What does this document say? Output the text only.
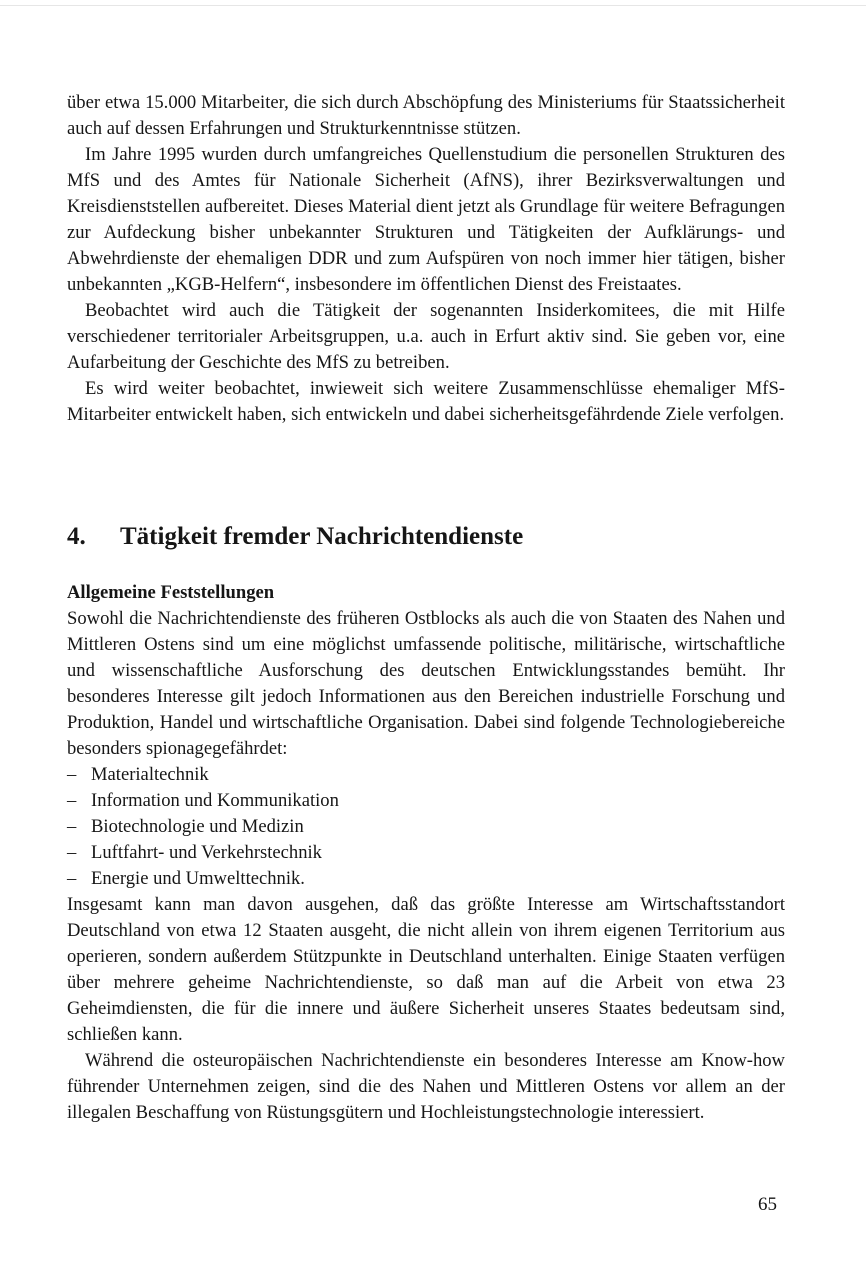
über etwa 15.000 Mitarbeiter, die sich durch Abschöpfung des Ministeriums für Staatssicherheit auch auf dessen Erfahrungen und Strukturkenntnisse stützen.

Im Jahre 1995 wurden durch umfangreiches Quellenstudium die personellen Strukturen des MfS und des Amtes für Nationale Sicherheit (AfNS), ihrer Bezirksverwaltungen und Kreisdienststellen aufbereitet. Dieses Material dient jetzt als Grundlage für weitere Befragungen zur Aufdeckung bisher unbekannter Strukturen und Tätigkeiten der Aufklärungs- und Abwehrdienste der ehemaligen DDR und zum Aufspüren von noch immer hier tätigen, bisher unbekannten „KGB-Helfern“, insbesondere im öffentlichen Dienst des Freistaates.

Beobachtet wird auch die Tätigkeit der sogenannten Insiderkomitees, die mit Hilfe verschiedener territorialer Arbeitsgruppen, u.a. auch in Erfurt aktiv sind. Sie geben vor, eine Aufarbeitung der Geschichte des MfS zu betreiben.

Es wird weiter beobachtet, inwieweit sich weitere Zusammenschlüsse ehemaliger MfS-Mitarbeiter entwickelt haben, sich entwickeln und dabei sicherheitsgefährdende Ziele verfolgen.

4. Tätigkeit fremder Nachrichtendienste

Allgemeine Feststellungen

Sowohl die Nachrichtendienste des früheren Ostblocks als auch die von Staaten des Nahen und Mittleren Ostens sind um eine möglichst umfassende politische, militärische, wirtschaftliche und wissenschaftliche Ausforschung des deutschen Entwicklungsstandes bemüht. Ihr besonderes Interesse gilt jedoch Informationen aus den Bereichen industrielle Forschung und Produktion, Handel und wirtschaftliche Organisation. Dabei sind folgende Technologiebereiche besonders spionagegefährdet:

– Materialtechnik
– Information und Kommunikation
– Biotechnologie und Medizin
– Luftfahrt- und Verkehrstechnik
– Energie und Umwelttechnik.

Insgesamt kann man davon ausgehen, daß das größte Interesse am Wirtschaftsstandort Deutschland von etwa 12 Staaten ausgeht, die nicht allein von ihrem eigenen Territorium aus operieren, sondern außerdem Stützpunkte in Deutschland unterhalten. Einige Staaten verfügen über mehrere geheime Nachrichtendienste, so daß man auf die Arbeit von etwa 23 Geheimdiensten, die für die innere und äußere Sicherheit unseres Staates bedeutsam sind, schließen kann.

Während die osteuropäischen Nachrichtendienste ein besonderes Interesse am Know-how führender Unternehmen zeigen, sind die des Nahen und Mittleren Ostens vor allem an der illegalen Beschaffung von Rüstungsgütern und Hochleistungstechnologie interessiert.

65
